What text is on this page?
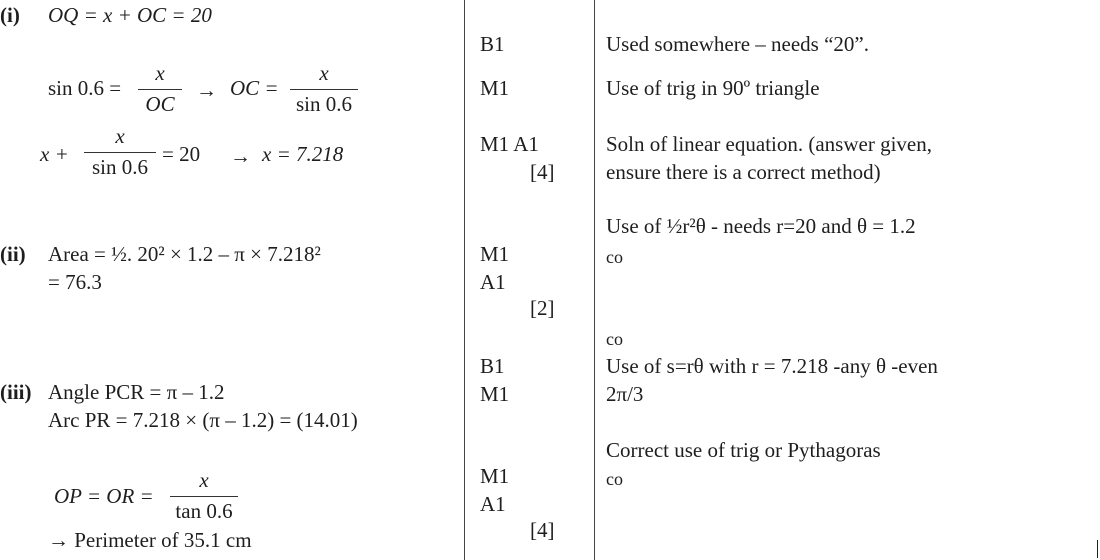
(i) OQ = x + OC = 20
sin 0.6 =
x
OC
→ OC =
x
sin 0.6
x +
x
sin 0.6
= 20 → x = 7.218
(ii) Area = ½. 20² × 1.2 – π × 7.218²
= 76.3
(iii) Angle PCR = π – 1.2
Arc PR = 7.218 × (π – 1.2) = (14.01)
OP = OR =
x
tan 0.6
→ Perimeter of 35.1 cm
B1
M1
M1 A1
[4]
M1
A1
[2]
B1
M1
M1
A1
[4]
Used somewhere – needs “20”.
Use of trig in 90º triangle
Soln of linear equation. (answer given,
ensure there is a correct method)
Use of ½r²θ - needs r=20 and θ = 1.2
co
co
Use of s=rθ with r = 7.218 -any θ -even
2π/3
Correct use of trig or Pythagoras
co
